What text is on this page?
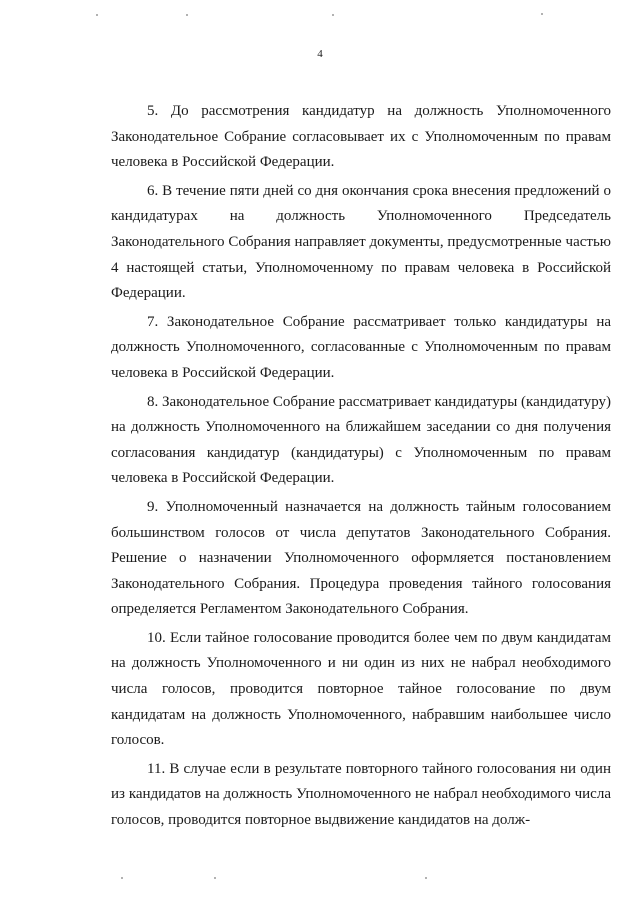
4

5. До рассмотрения кандидатур на должность Уполномоченного Законодательное Собрание согласовывает их с Уполномоченным по правам человека в Российской Федерации.

6. В течение пяти дней со дня окончания срока внесения предложений о кандидатурах на должность Уполномоченного Председатель Законодательного Собрания направляет документы, предусмотренные частью 4 настоящей статьи, Уполномоченному по правам человека в Российской Федерации.

7. Законодательное Собрание рассматривает только кандидатуры на должность Уполномоченного, согласованные с Уполномоченным по правам человека в Российской Федерации.

8. Законодательное Собрание рассматривает кандидатуры (кандидатуру) на должность Уполномоченного на ближайшем заседании со дня получения согласования кандидатур (кандидатуры) с Уполномоченным по правам человека в Российской Федерации.

9. Уполномоченный назначается на должность тайным голосованием большинством голосов от числа депутатов Законодательного Собрания. Решение о назначении Уполномоченного оформляется постановлением Законодательного Собрания. Процедура проведения тайного голосования определяется Регламентом Законодательного Собрания.

10. Если тайное голосование проводится более чем по двум кандидатам на должность Уполномоченного и ни один из них не набрал необходимого числа голосов, проводится повторное тайное голосование по двум кандидатам на должность Уполномоченного, набравшим наибольшее число голосов.

11. В случае если в результате повторного тайного голосования ни один из кандидатов на должность Уполномоченного не набрал необходимого числа голосов, проводится повторное выдвижение кандидатов на долж-
